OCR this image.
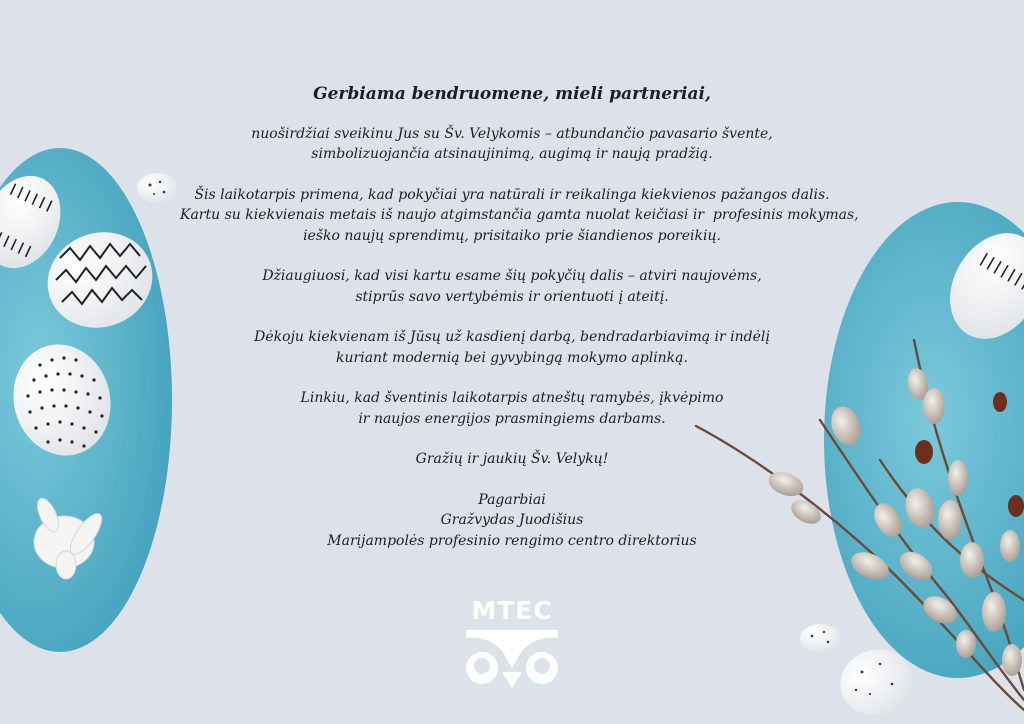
Gerbiama bendruomene, mieli partneriai,
nuoširdžiai sveikinu Jus su Šv. Velykomis – atbundančio pavasario švente,
simbolizuojančia atsinaujinimą, augimą ir naują pradžią.
Šis laikotarpis primena, kad pokyčiai yra natūrali ir reikalinga kiekvienos pažangos dalis.
Kartu su kiekvienais metais iš naujo atgimstančia gamta nuolat keičiasi ir  profesinis mokymas,
ieško naujų sprendimų, prisitaiko prie šiandienos poreikių.
Džiaugiuosi, kad visi kartu esame šių pokyčių dalis – atviri naujovėms,
stiprūs savo vertybėmis ir orientuoti į ateitį.
Dėkoju kiekvienam iš Jūsų už kasdienį darbą, bendradarbiavimą ir indėlį
kuriant modernią bei gyvybingą mokymo aplinką.
Linkiu, kad šventinis laikotarpis atneštų ramybės, įkvėpimo
ir naujos energijos prasmingiems darbams.
Gražių ir jaukių Šv. Velykų!
Pagarbiai
Gražvydas Juodišius
Marijampolės profesinio rengimo centro direktorius
MTEC
